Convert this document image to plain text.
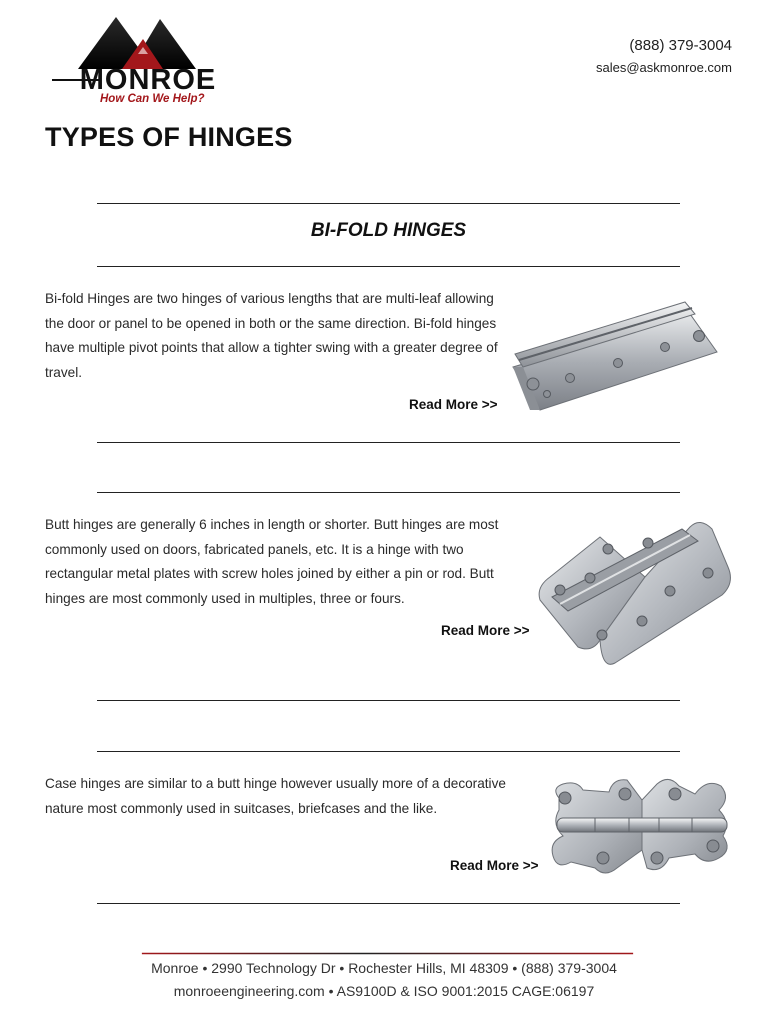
MONROE
How Can We Help?
(888) 379-3004
sales@askmonroe.com
TYPES OF HINGES
BI-FOLD HINGES
Bi-fold Hinges are two hinges of various lengths that are multi-leaf allowing the door or panel to be opened in both or the same direction. Bi-fold hinges have multiple pivot points that allow a tighter swing with a greater degree of travel.
Read More >>
Butt hinges are generally 6 inches in length or shorter. Butt hinges are most commonly used on doors, fabricated panels, etc. It is a hinge with two rectangular metal plates with screw holes joined by either a pin or rod. Butt hinges are most commonly used in multiples, three or fours.
Read More >>
Case hinges are similar to a butt hinge however usually more of a decorative nature most commonly used in suitcases, briefcases and the like.
Read More >>
Monroe • 2990 Technology Dr • Rochester Hills, MI 48309 • (888) 379-3004
monroeengineering.com • AS9100D & ISO 9001:2015 CAGE:06197
